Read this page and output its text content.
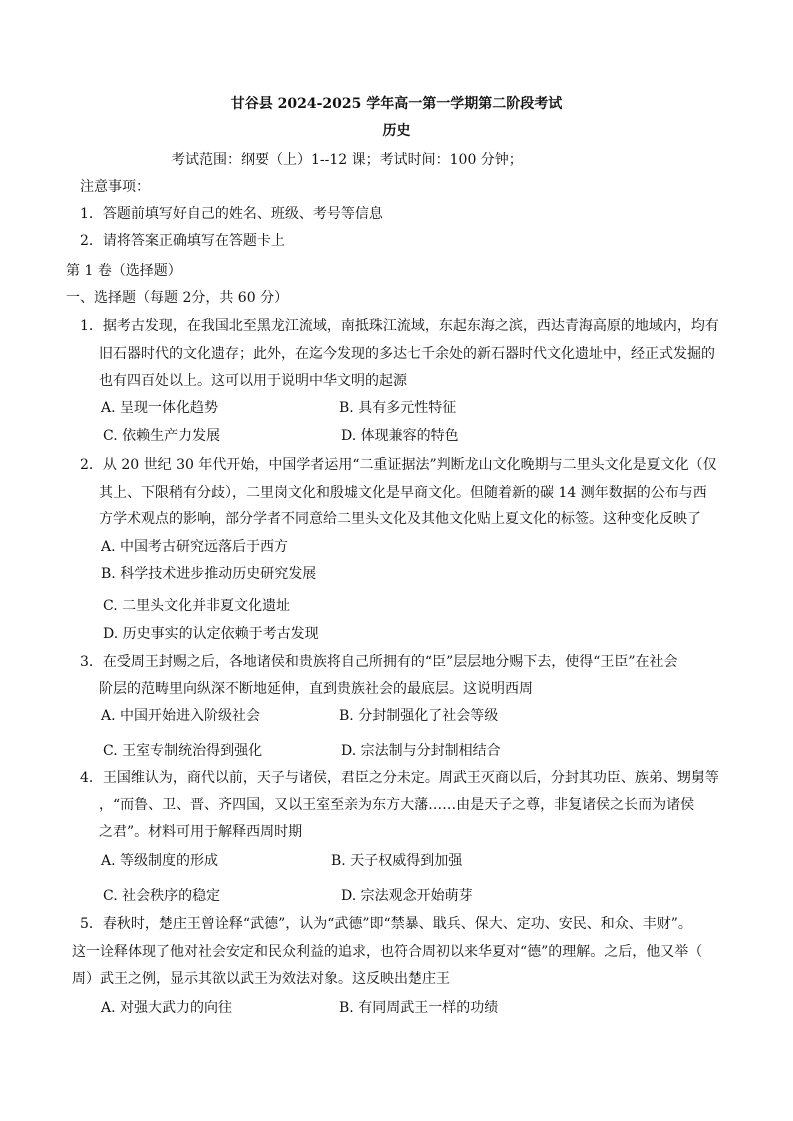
甘谷县 2024-2025 学年高一第一学期第二阶段考试
历史
考试范围：纲要（上）1--12 课；考试时间：100 分钟；
注意事项：
1．答题前填写好自己的姓名、班级、考号等信息
2．请将答案正确填写在答题卡上
第 1 卷（选择题）
一、选择题（每题 2分，共 60 分）
1．据考古发现，在我国北至黑龙江流域，南抵珠江流域，东起东海之滨，西达青海高原的地域内，均有
旧石器时代的文化遗存；此外，在迄今发现的多达七千余处的新石器时代文化遗址中，经正式发掘的
也有四百处以上。这可以用于说明中华文明的起源
A. 呈现一体化趋势	B. 具有多元性特征
C. 依赖生产力发展	D. 体现兼容的特色
2．从 20 世纪 30 年代开始，中国学者运用“二重证据法”判断龙山文化晚期与二里头文化是夏文化（仅
其上、下限稍有分歧），二里岗文化和殷墟文化是早商文化。但随着新的碳 14 测年数据的公布与西
方学术观点的影响，部分学者不同意给二里头文化及其他文化贴上夏文化的标签。这种变化反映了
A. 中国考古研究远落后于西方
B. 科学技术进步推动历史研究发展
C. 二里头文化并非夏文化遗址
D. 历史事实的认定依赖于考古发现
3．在受周王封赐之后，各地诸侯和贵族将自己所拥有的“臣”层层地分赐下去，使得“王臣”在社会
阶层的范畴里向纵深不断地延伸，直到贵族社会的最底层。这说明西周
A. 中国开始进入阶级社会	B. 分封制强化了社会等级
C. 王室专制统治得到强化	D. 宗法制与分封制相结合
4．王国维认为，商代以前，天子与诸侯，君臣之分未定。周武王灭商以后，分封其功臣、族弟、甥舅等
，“而鲁、卫、晋、齐四国，又以王室至亲为东方大藩……由是天子之尊，非复诸侯之长而为诸侯
之君”。材料可用于解释西周时期
A. 等级制度的形成	B. 天子权威得到加强
C. 社会秩序的稳定	D. 宗法观念开始萌芽
5．春秋时，楚庄王曾诠释“武德”，认为“武德”即“禁暴、戢兵、保大、定功、安民、和众、丰财”。
这一诠释体现了他对社会安定和民众利益的追求，也符合周初以来华夏对“德”的理解。之后，他又举（
周）武王之例，显示其欲以武王为效法对象。这反映出楚庄王
A. 对强大武力的向往	B. 有同周武王一样的功绩
